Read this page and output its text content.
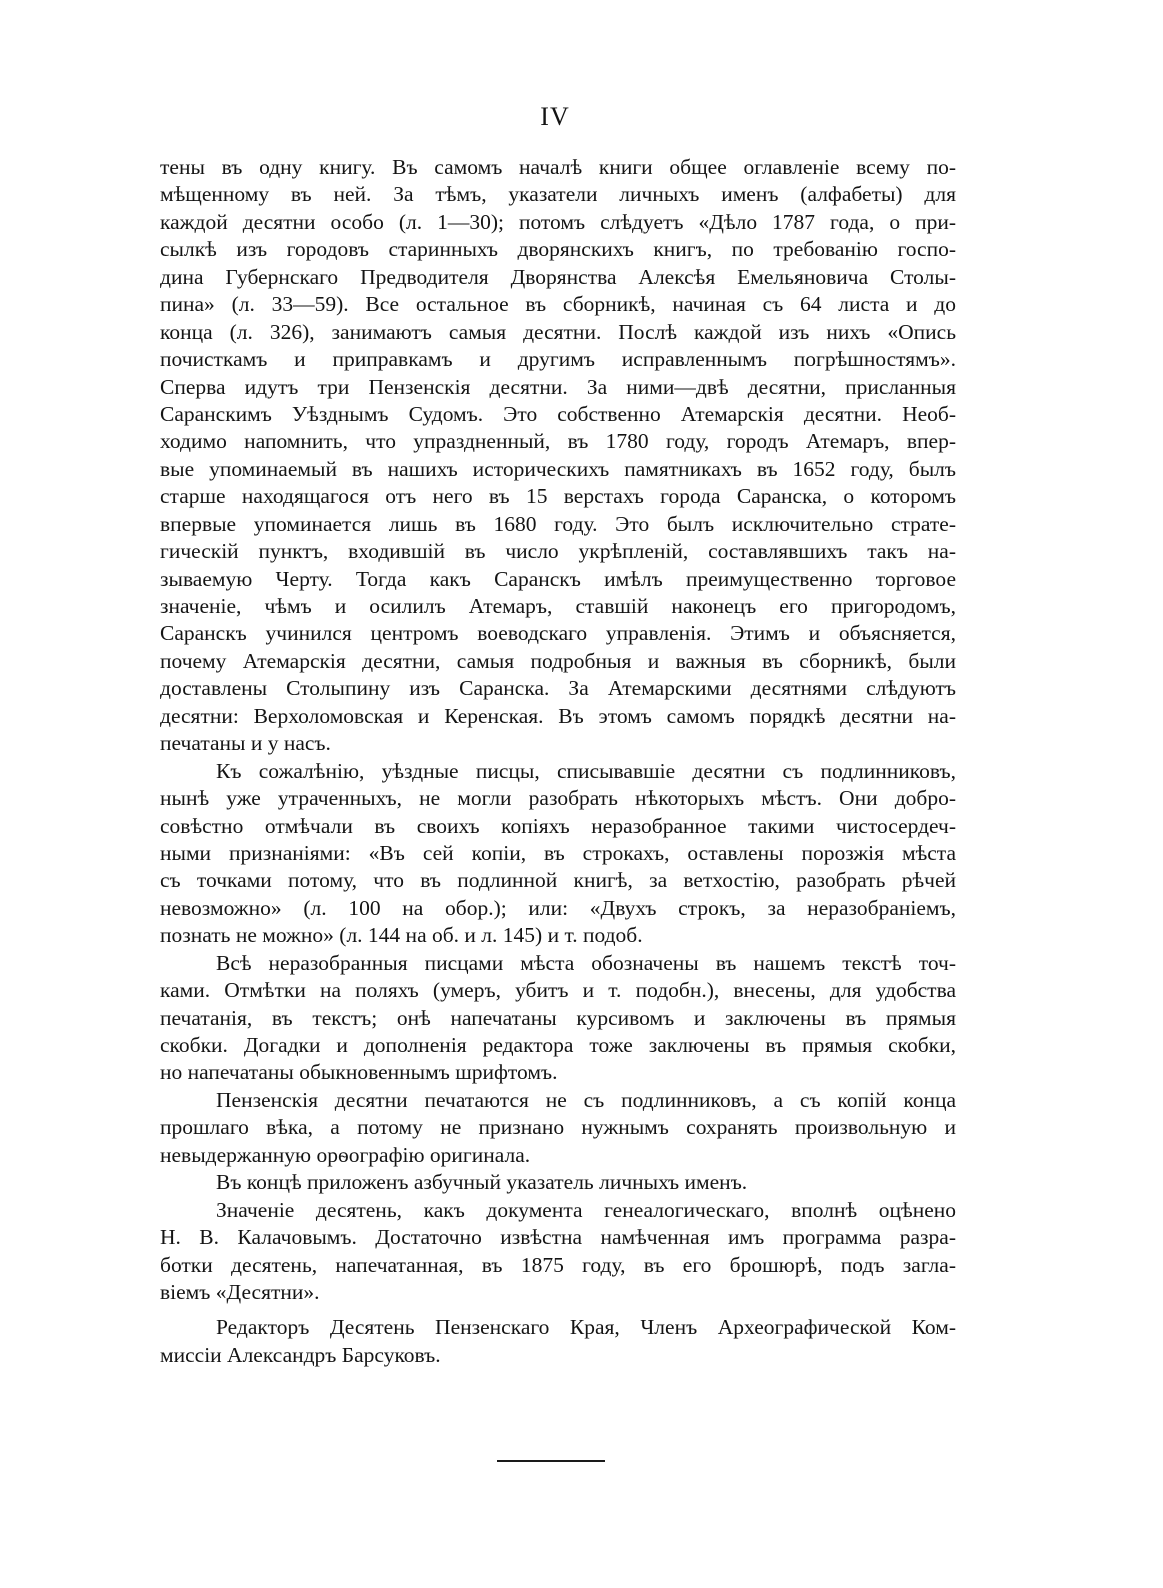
IV
тены въ одну книгу. Въ самомъ началѣ книги общее оглавленіе всему по-
мѣщенному въ ней. За тѣмъ, указатели личныхъ именъ (алфабеты) для
каждой десятни особо (л. 1—30); потомъ слѣдуетъ «Дѣло 1787 года, о при-
сылкѣ изъ городовъ старинныхъ дворянскихъ книгъ, по требованію госпо-
дина Губернскаго Предводителя Дворянства Алексѣя Емельяновича Столы-
пина» (л. 33—59). Все остальное въ сборникѣ, начиная съ 64 листа и до
конца (л. 326), занимаютъ самыя десятни. Послѣ каждой изъ нихъ «Опись
почисткамъ и приправкамъ и другимъ исправленнымъ погрѣшностямъ».
Сперва идутъ три Пензенскія десятни. За ними—двѣ десятни, присланныя
Саранскимъ Уѣзднымъ Судомъ. Это собственно Атемарскія десятни. Необ-
ходимо напомнить, что упраздненный, въ 1780 году, городъ Атемаръ, впер-
вые упоминаемый въ нашихъ историческихъ памятникахъ въ 1652 году, былъ
старше находящагося отъ него въ 15 верстахъ города Саранска, о которомъ
впервые упоминается лишь въ 1680 году. Это былъ исключительно страте-
гическій пунктъ, входившій въ число укрѣпленій, составлявшихъ такъ на-
зываемую Черту. Тогда какъ Саранскъ имѣлъ преимущественно торговое
значеніе, чѣмъ и осилилъ Атемаръ, ставшій наконецъ его пригородомъ,
Саранскъ учинился центромъ воеводскаго управленія. Этимъ и объясняется,
почему Атемарскія десятни, самыя подробныя и важныя въ сборникѣ, были
доставлены Столыпину изъ Саранска. За Атемарскими десятнями слѣдуютъ
десятни: Верхоломовская и Керенская. Въ этомъ самомъ порядкѣ десятни на-
печатаны и у насъ.
Къ сожалѣнію, уѣздные писцы, списывавшіе десятни съ подлинниковъ,
нынѣ уже утраченныхъ, не могли разобрать нѣкоторыхъ мѣстъ. Они добро-
совѣстно отмѣчали въ своихъ копіяхъ неразобранное такими чистосердеч-
ными признаніями: «Въ сей копіи, въ строкахъ, оставлены порозжія мѣста
съ точками потому, что въ подлинной книгѣ, за ветхостію, разобрать рѣчей
невозможно» (л. 100 на обор.); или: «Двухъ строкъ, за неразобраніемъ,
познать не можно» (л. 144 на об. и л. 145) и т. подоб.
Всѣ неразобранныя писцами мѣста обозначены въ нашемъ текстѣ точ-
ками. Отмѣтки на поляхъ (умеръ, убитъ и т. подобн.), внесены, для удобства
печатанія, въ текстъ; онѣ напечатаны курсивомъ и заключены въ прямыя
скобки. Догадки и дополненія редактора тоже заключены въ прямыя скобки,
но напечатаны обыкновеннымъ шрифтомъ.
Пензенскія десятни печатаются не съ подлинниковъ, а съ копій конца
прошлаго вѣка, а потому не признано нужнымъ сохранять произвольную и
невыдержанную орѳографію оригинала.
Въ концѣ приложенъ азбучный указатель личныхъ именъ.
Значеніе десятень, какъ документа генеалогическаго, вполнѣ оцѣнено
Н. В. Калачовымъ. Достаточно извѣстна намѣченная имъ программа разра-
ботки десятень, напечатанная, въ 1875 году, въ его брошюрѣ, подъ загла-
віемъ «Десятни».
Редакторъ Десятень Пензенскаго Края, Членъ Археографической Ком-
миссіи Александръ Барсуковъ.
